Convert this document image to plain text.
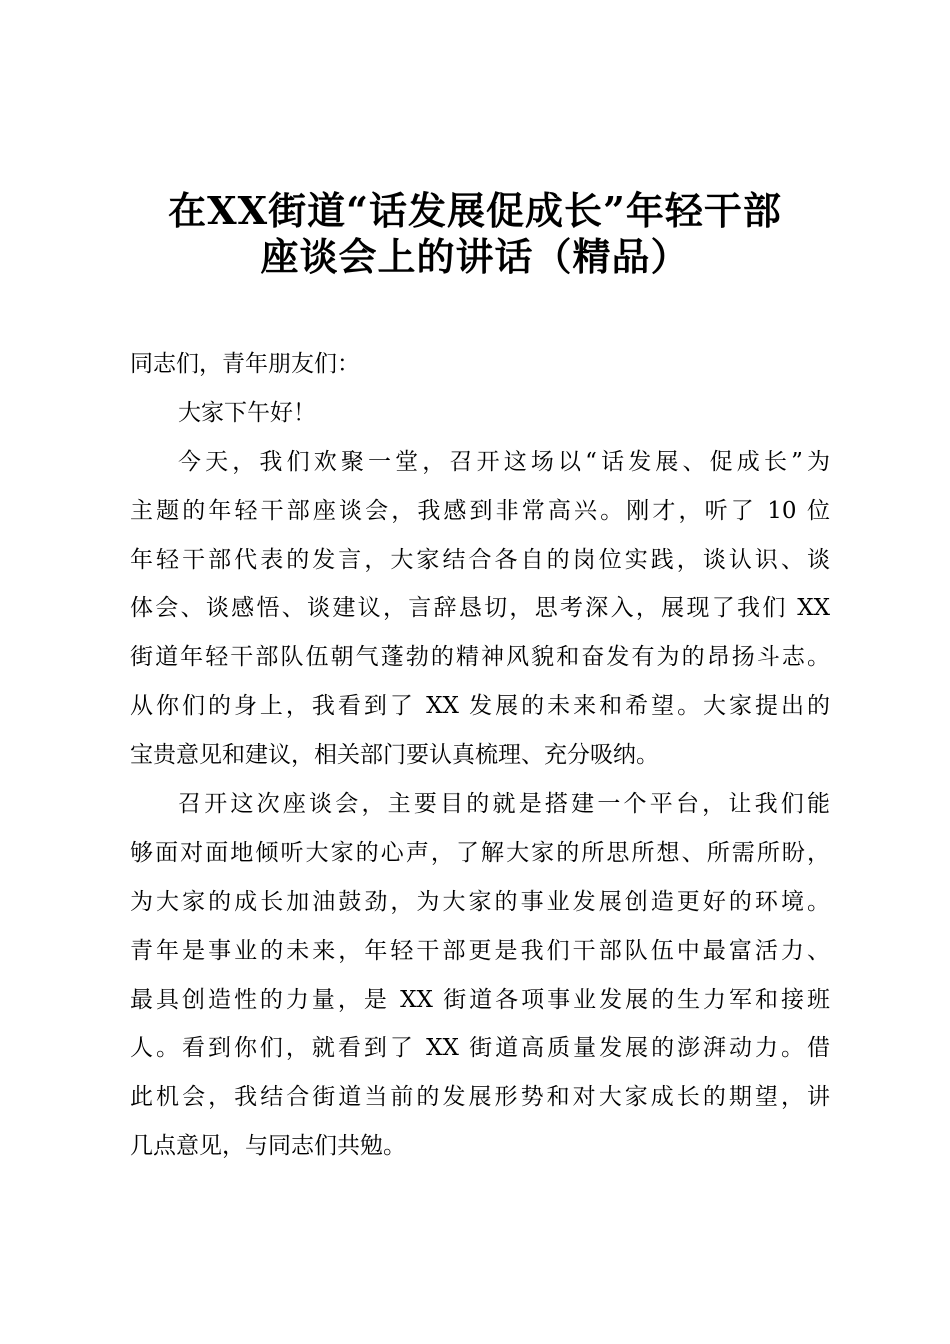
在XX街道“话发展促成长”年轻干部
座谈会上的讲话（精品）
同志们，青年朋友们：
大家下午好！
今天，我们欢聚一堂，召开这场以“话发展、促成长”为
主题的年轻干部座谈会，我感到非常高兴。刚才，听了 10 位
年轻干部代表的发言，大家结合各自的岗位实践，谈认识、谈
体会、谈感悟、谈建议，言辞恳切，思考深入，展现了我们 XX
街道年轻干部队伍朝气蓬勃的精神风貌和奋发有为的昂扬斗志。
从你们的身上，我看到了 XX 发展的未来和希望。大家提出的
宝贵意见和建议，相关部门要认真梳理、充分吸纳。
召开这次座谈会，主要目的就是搭建一个平台，让我们能
够面对面地倾听大家的心声，了解大家的所思所想、所需所盼，
为大家的成长加油鼓劲，为大家的事业发展创造更好的环境。
青年是事业的未来，年轻干部更是我们干部队伍中最富活力、
最具创造性的力量，是 XX 街道各项事业发展的生力军和接班
人。看到你们，就看到了 XX 街道高质量发展的澎湃动力。借
此机会，我结合街道当前的发展形势和对大家成长的期望，讲
几点意见，与同志们共勉。
